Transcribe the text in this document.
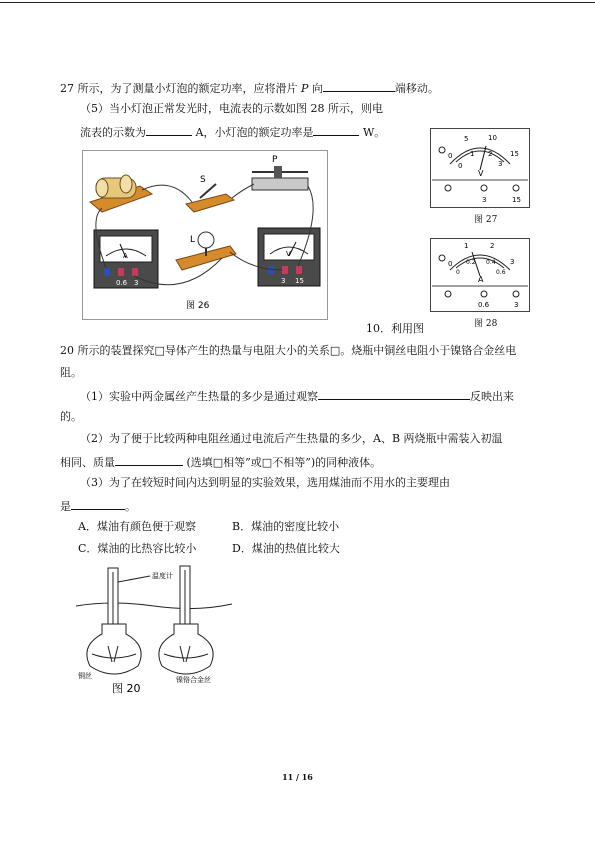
27 所示，为了测量小灯泡的额定功率，应将滑片 P 向	端移动。
（5）当小灯泡正常发光时，电流表的示数如图 28 所示，则电
流表的示数为	A，小灯泡的额定功率是	W。
S
P
L
A
0.6 3
V
3 15
图 26
0
5	10
15
0
1 2
3
V
3	15
图 27
0
1	2
3
0
0.2 0.4
0.6
A
0.6	3
图 28
10．利用图
20 所示的装置探究□导体产生的热量与电阻大小的关系□。烧瓶中铜丝电阻小于镍铬合金丝电
阻。
（1）实验中两金属丝产生热量的多少是通过观察	反映出来
的。
（2）为了便于比较两种电阻丝通过电流后产生热量的多少，A、B 两烧瓶中需装入初温
相同、质量	(选填□相等”或□不相等”)的同种液体。
（3）为了在较短时间内达到明显的实验效果，选用煤油而不用水的主要理由
是	。
A．煤油有颜色便于观察	B．煤油的密度比较小
C．煤油的比热容比较小	D．煤油的热值比较大
温度计
铜丝	镍铬合金丝
图 20
11 / 16
